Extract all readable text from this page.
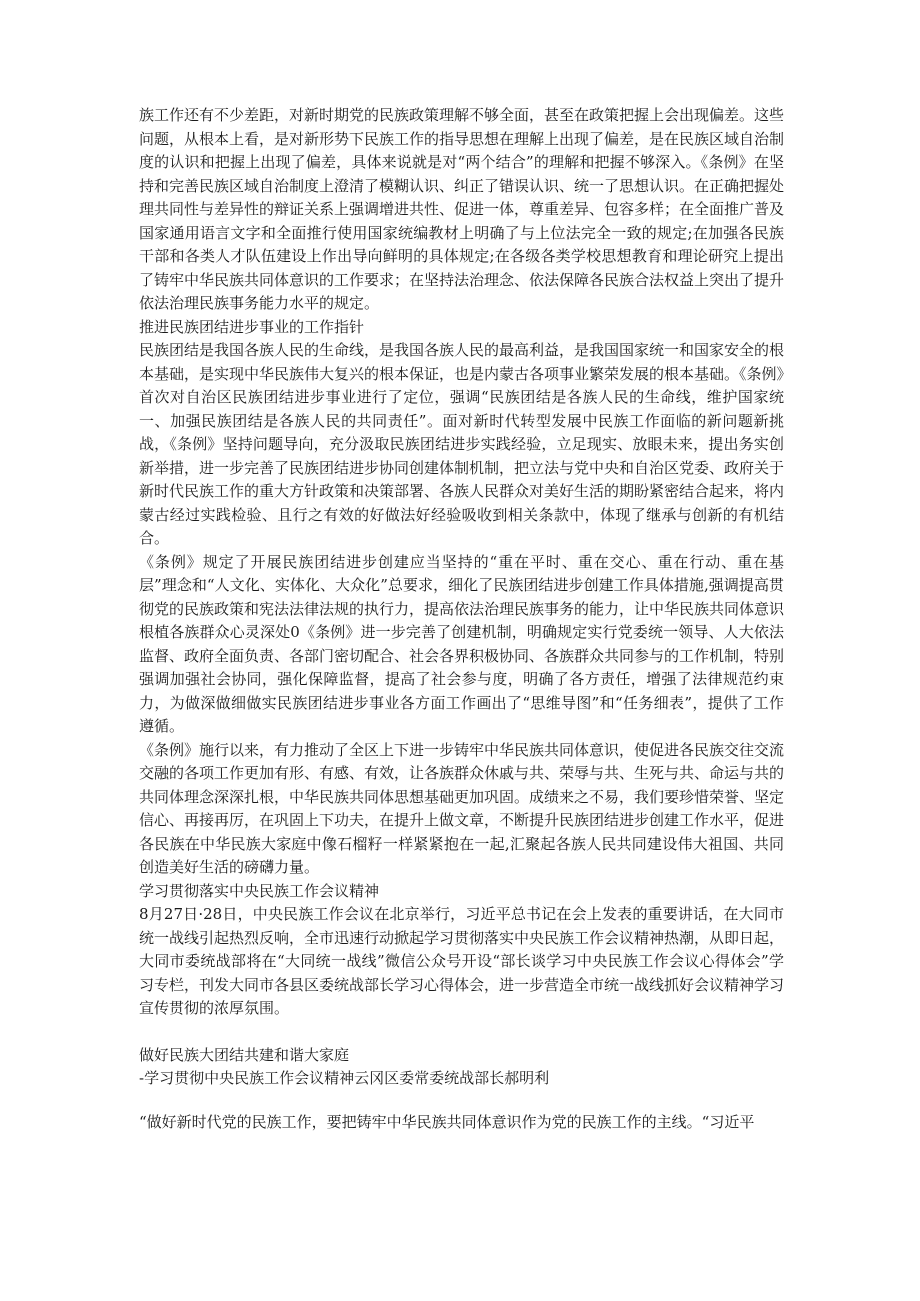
族工作还有不少差距，对新时期党的民族政策理解不够全面，甚至在政策把握上会出现偏差。这些问题，从根本上看，是对新形势下民族工作的指导思想在理解上出现了偏差，是在民族区域自治制度的认识和把握上出现了偏差，具体来说就是对“两个结合”的理解和把握不够深入。《条例》在坚持和完善民族区域自治制度上澄清了模糊认识、纠正了错误认识、统一了思想认识。在正确把握处理共同性与差异性的辩证关系上强调增进共性、促进一体，尊重差异、包容多样；在全面推广普及国家通用语言文字和全面推行使用国家统编教材上明确了与上位法完全一致的规定;在加强各民族干部和各类人才队伍建设上作出导向鲜明的具体规定;在各级各类学校思想教育和理论研究上提出了铸牢中华民族共同体意识的工作要求；在坚持法治理念、依法保障各民族合法权益上突出了提升依法治理民族事务能力水平的规定。

推进民族团结进步事业的工作指针

民族团结是我国各族人民的生命线，是我国各族人民的最高利益，是我国国家统一和国家安全的根本基础，是实现中华民族伟大复兴的根本保证，也是内蒙古各项事业繁荣发展的根本基础。《条例》首次对自治区民族团结进步事业进行了定位，强调“民族团结是各族人民的生命线，维护国家统一、加强民族团结是各族人民的共同责任”。面对新时代转型发展中民族工作面临的新问题新挑战，《条例》坚持问题导向，充分汲取民族团结进步实践经验，立足现实、放眼未来，提出务实创新举措，进一步完善了民族团结进步协同创建体制机制，把立法与党中央和自治区党委、政府关于新时代民族工作的重大方针政策和决策部署、各族人民群众对美好生活的期盼紧密结合起来，将内蒙古经过实践检验、且行之有效的好做法好经验吸收到相关条款中，体现了继承与创新的有机结合。

《条例》规定了开展民族团结进步创建应当坚持的“重在平时、重在交心、重在行动、重在基层”理念和“人文化、实体化、大众化”总要求，细化了民族团结进步创建工作具体措施,强调提高贯彻党的民族政策和宪法法律法规的执行力，提高依法治理民族事务的能力，让中华民族共同体意识根植各族群众心灵深处0《条例》进一步完善了创建机制，明确规定实行党委统一领导、人大依法监督、政府全面负责、各部门密切配合、社会各界积极协同、各族群众共同参与的工作机制，特别强调加强社会协同，强化保障监督，提高了社会参与度，明确了各方责任，增强了法律规范约束力，为做深做细做实民族团结进步事业各方面工作画出了“思维导图”和“任务细表”，提供了工作遵循。

《条例》施行以来，有力推动了全区上下进一步铸牢中华民族共同体意识，使促进各民族交往交流交融的各项工作更加有形、有感、有效，让各族群众休戚与共、荣辱与共、生死与共、命运与共的共同体理念深深扎根，中华民族共同体思想基础更加巩固。成绩来之不易，我们要珍惜荣誉、坚定信心、再接再厉，在巩固上下功夫，在提升上做文章，不断提升民族团结进步创建工作水平，促进各民族在中华民族大家庭中像石榴籽一样紧紧抱在一起,汇聚起各族人民共同建设伟大祖国、共同创造美好生活的磅礴力量。

学习贯彻落实中央民族工作会议精神

8月27日·28日，中央民族工作会议在北京举行，习近平总书记在会上发表的重要讲话，在大同市统一战线引起热烈反响，全市迅速行动掀起学习贯彻落实中央民族工作会议精神热潮，从即日起，大同市委统战部将在“大同统一战线”微信公众号开设“部长谈学习中央民族工作会议心得体会”学习专栏，刊发大同市各县区委统战部长学习心得体会，进一步营造全市统一战线抓好会议精神学习宣传贯彻的浓厚氛围。

做好民族大团结共建和谐大家庭

-学习贯彻中央民族工作会议精神云冈区委常委统战部长郝明利

“做好新时代党的民族工作，要把铸牢中华民族共同体意识作为党的民族工作的主线。“习近平
